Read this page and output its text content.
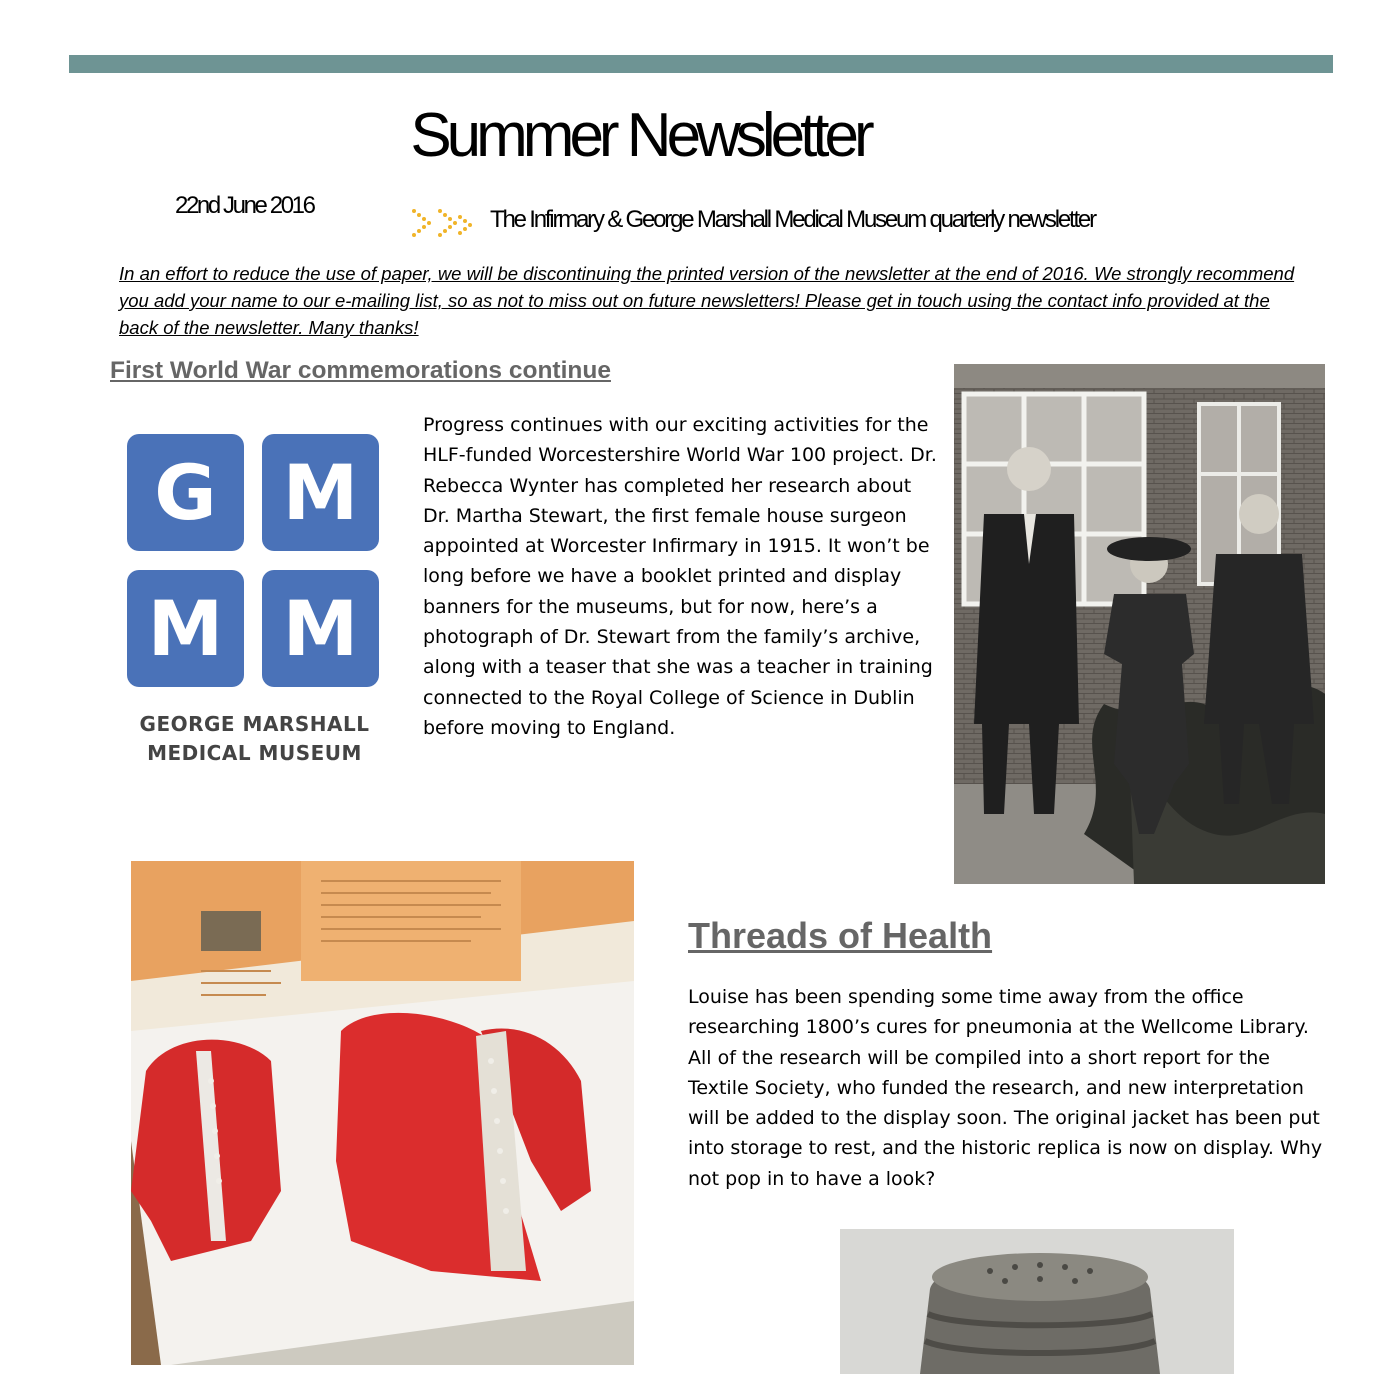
Summer Newsletter
22nd June 2016
The Infirmary & George Marshall Medical Museum quarterly newsletter
In an effort to reduce the use of paper, we will be discontinuing the printed version of the newsletter at the end of 2016. We strongly recommend you add your name to our e-mailing list, so as not to miss out on future newsletters! Please get in touch using the contact info provided at the back of the newsletter. Many thanks!
First World War commemorations continue
G M
M M
GEORGE MARSHALL
MEDICAL MUSEUM
Progress continues with our exciting activities for the HLF-funded Worcestershire World War 100 project. Dr. Rebecca Wynter has completed her research about Dr. Martha Stewart, the first female house surgeon appointed at Worcester Infirmary in 1915. It won’t be long before we have a booklet printed and display banners for the museums, but for now, here’s a photograph of Dr. Stewart from the family’s archive, along with a teaser that she was a teacher in training connected to the Royal College of Science in Dublin before moving to England.
Threads of Health
Louise has been spending some time away from the office researching 1800’s cures for pneumonia at the Wellcome Library. All of the research will be compiled into a short report for the Textile Society, who funded the research, and new interpretation will be added to the display soon. The original jacket has been put into storage to rest, and the historic replica is now on display. Why not pop in to have a look?
